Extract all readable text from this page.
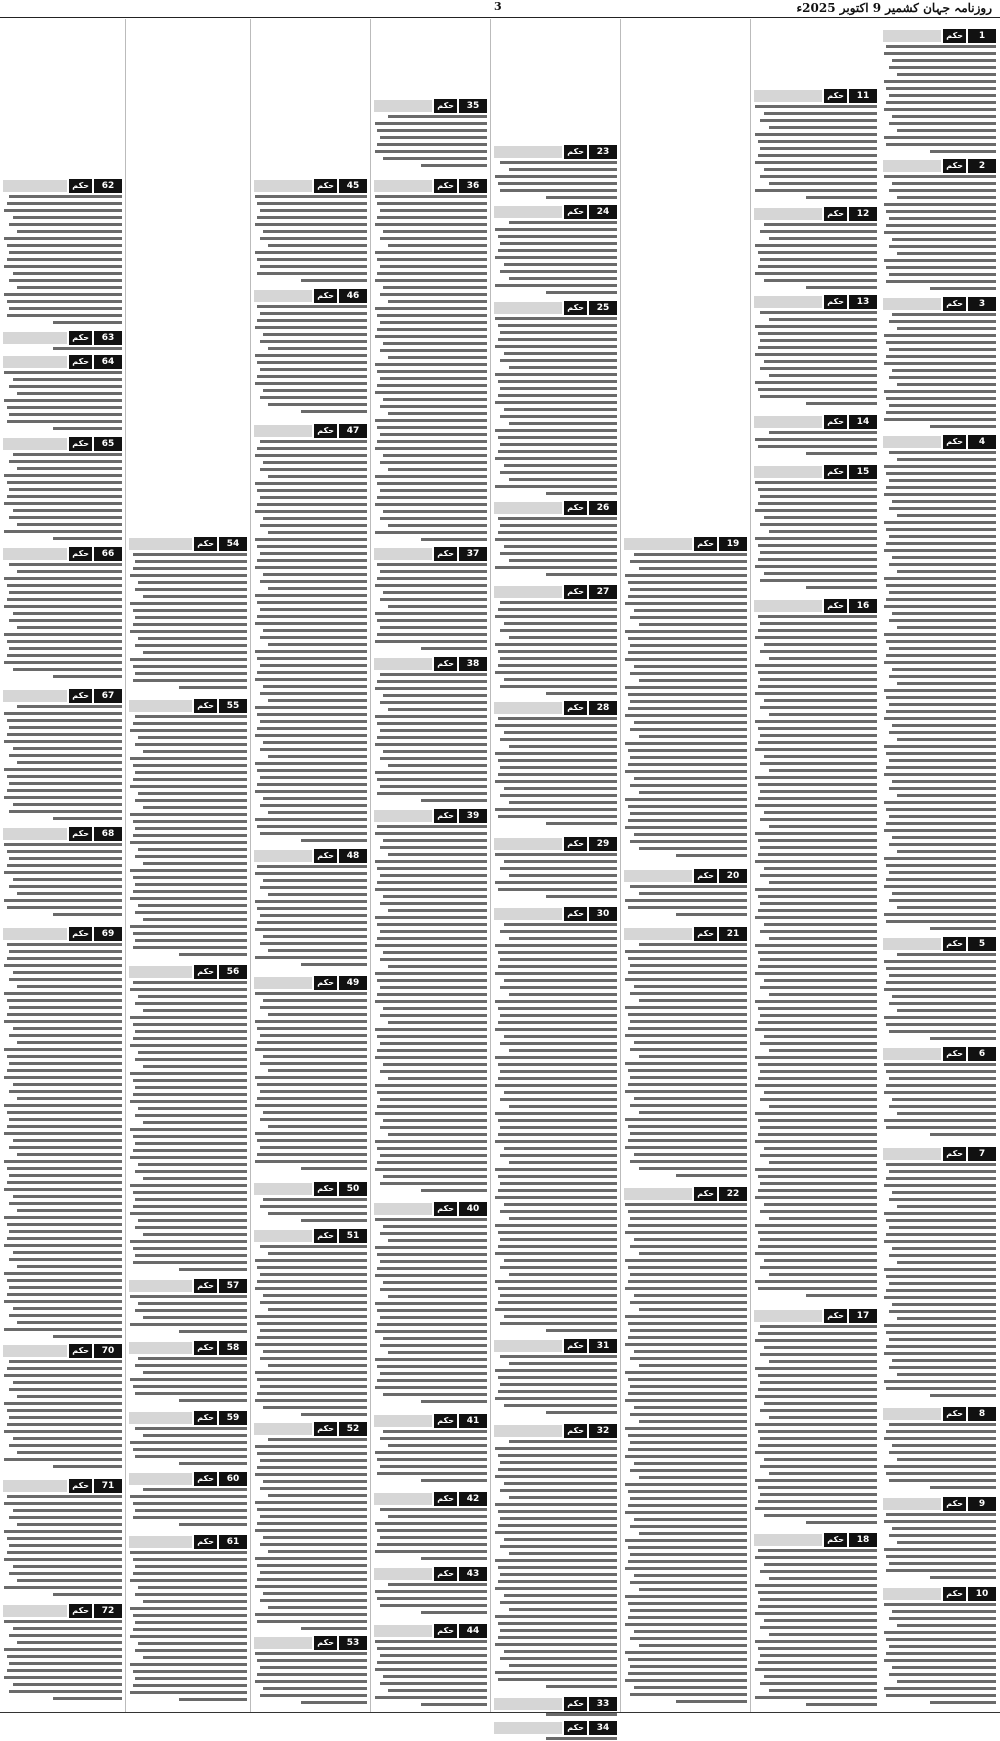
روزنامہ جہان کشمیر 9 اکتوبر 2025ء
3
1
حکم
2
حکم
3
حکم
4
حکم
5
حکم
6
حکم
7
حکم
8
حکم
9
حکم
10
حکم
11
حکم
12
حکم
13
حکم
14
حکم
15
حکم
16
حکم
17
حکم
18
حکم
19
حکم
20
حکم
21
حکم
22
حکم
23
حکم
24
حکم
25
حکم
26
حکم
27
حکم
28
حکم
29
حکم
30
حکم
31
حکم
32
حکم
33
حکم
34
حکم
35
حکم
36
حکم
37
حکم
38
حکم
39
حکم
40
حکم
41
حکم
42
حکم
43
حکم
44
حکم
45
حکم
46
حکم
47
حکم
48
حکم
49
حکم
50
حکم
51
حکم
52
حکم
53
حکم
54
حکم
55
حکم
56
حکم
57
حکم
58
حکم
59
حکم
60
حکم
61
حکم
62
حکم
63
حکم
64
حکم
65
حکم
66
حکم
67
حکم
68
حکم
69
حکم
70
حکم
71
حکم
72
حکم
